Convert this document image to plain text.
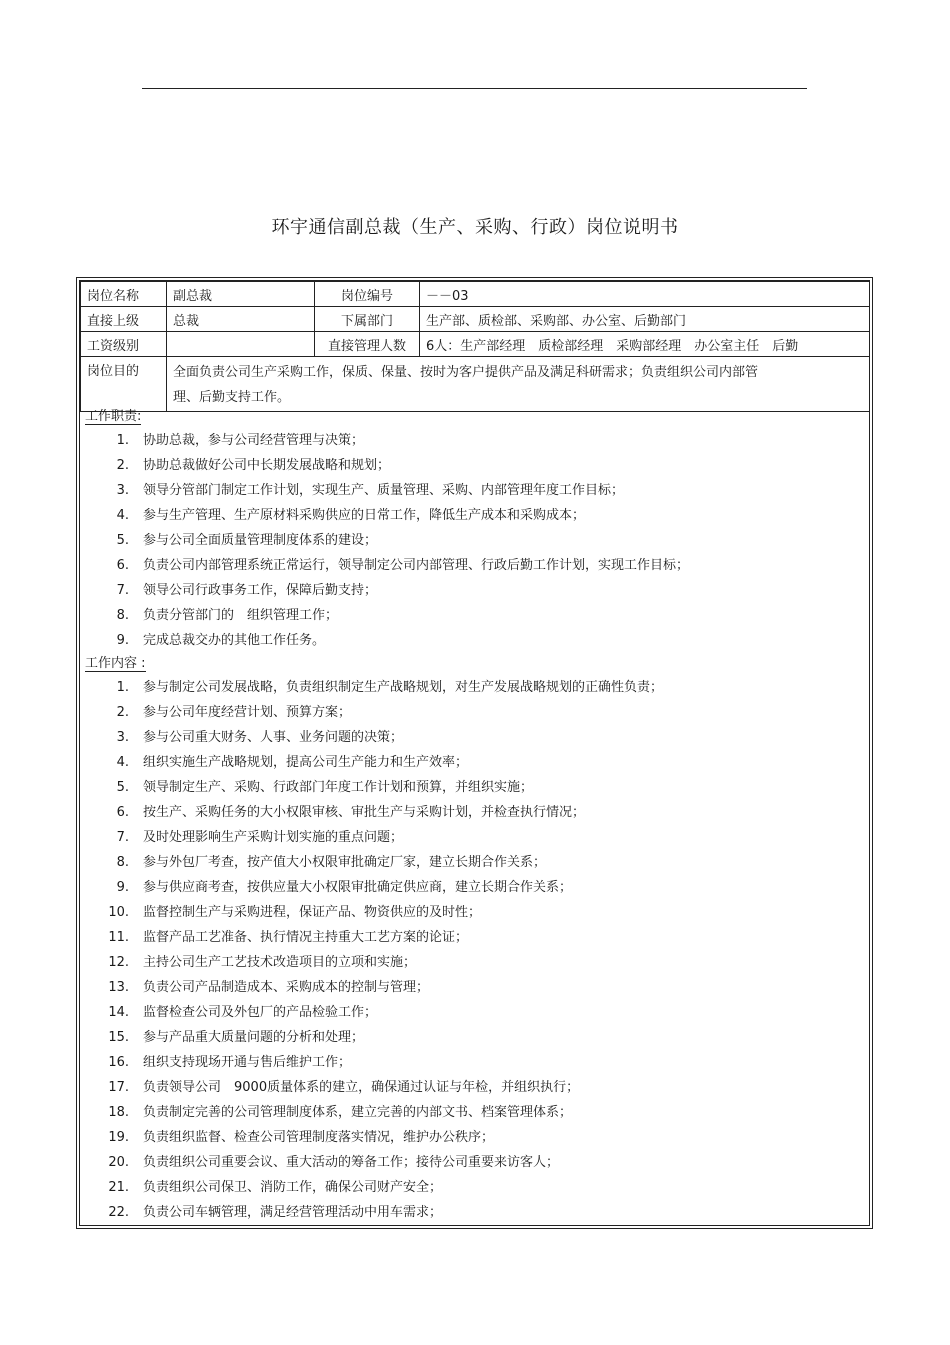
环宇通信副总裁（生产、采购、行政）岗位说明书
岗位名称	副总裁	岗位编号	－－03
直接上级	总裁	下属部门	生产部、质检部、采购部、办公室、后勤部门
工资级别		直接管理人数	6人：生产部经理　质检部经理　采购部经理　办公室主任　后勤
岗位目的	全面负责公司生产采购工作，保质、保量、按时为客户提供产品及满足科研需求；负责组织公司内部管理、后勤支持工作。		
工作职责:
1.	协助总裁，参与公司经营管理与决策；
2.	协助总裁做好公司中长期发展战略和规划；
3.	领导分管部门制定工作计划，实现生产、质量管理、采购、内部管理年度工作目标；
4.	参与生产管理、生产原材料采购供应的日常工作，降低生产成本和采购成本；
5.	参与公司全面质量管理制度体系的建设；
6.	负责公司内部管理系统正常运行，领导制定公司内部管理、行政后勤工作计划，实现工作目标；
7.	领导公司行政事务工作，保障后勤支持；
8.	负责分管部门的　组织管理工作；
9.	完成总裁交办的其他工作任务。
工作内容 :
1.	参与制定公司发展战略，负责组织制定生产战略规划，对生产发展战略规划的正确性负责；
2.	参与公司年度经营计划、预算方案；
3.	参与公司重大财务、人事、业务问题的决策；
4.	组织实施生产战略规划，提高公司生产能力和生产效率；
5.	领导制定生产、采购、行政部门年度工作计划和预算，并组织实施；
6.	按生产、采购任务的大小权限审核、审批生产与采购计划，并检查执行情况；
7.	及时处理影响生产采购计划实施的重点问题；
8.	参与外包厂考查，按产值大小权限审批确定厂家，建立长期合作关系；
9.	参与供应商考查，按供应量大小权限审批确定供应商，建立长期合作关系；
10.	监督控制生产与采购进程，保证产品、物资供应的及时性；
11.	监督产品工艺准备、执行情况主持重大工艺方案的论证；
12.	主持公司生产工艺技术改造项目的立项和实施；
13.	负责公司产品制造成本、采购成本的控制与管理；
14.	监督检查公司及外包厂的产品检验工作；
15.	参与产品重大质量问题的分析和处理；
16.	组织支持现场开通与售后维护工作；
17.	负责领导公司　9000质量体系的建立，确保通过认证与年检，并组织执行；
18.	负责制定完善的公司管理制度体系，建立完善的内部文书、档案管理体系；
19.	负责组织监督、检查公司管理制度落实情况，维护办公秩序；
20.	负责组织公司重要会议、重大活动的筹备工作；接待公司重要来访客人；
21.	负责组织公司保卫、消防工作，确保公司财产安全；
22.	负责公司车辆管理，满足经营管理活动中用车需求；
